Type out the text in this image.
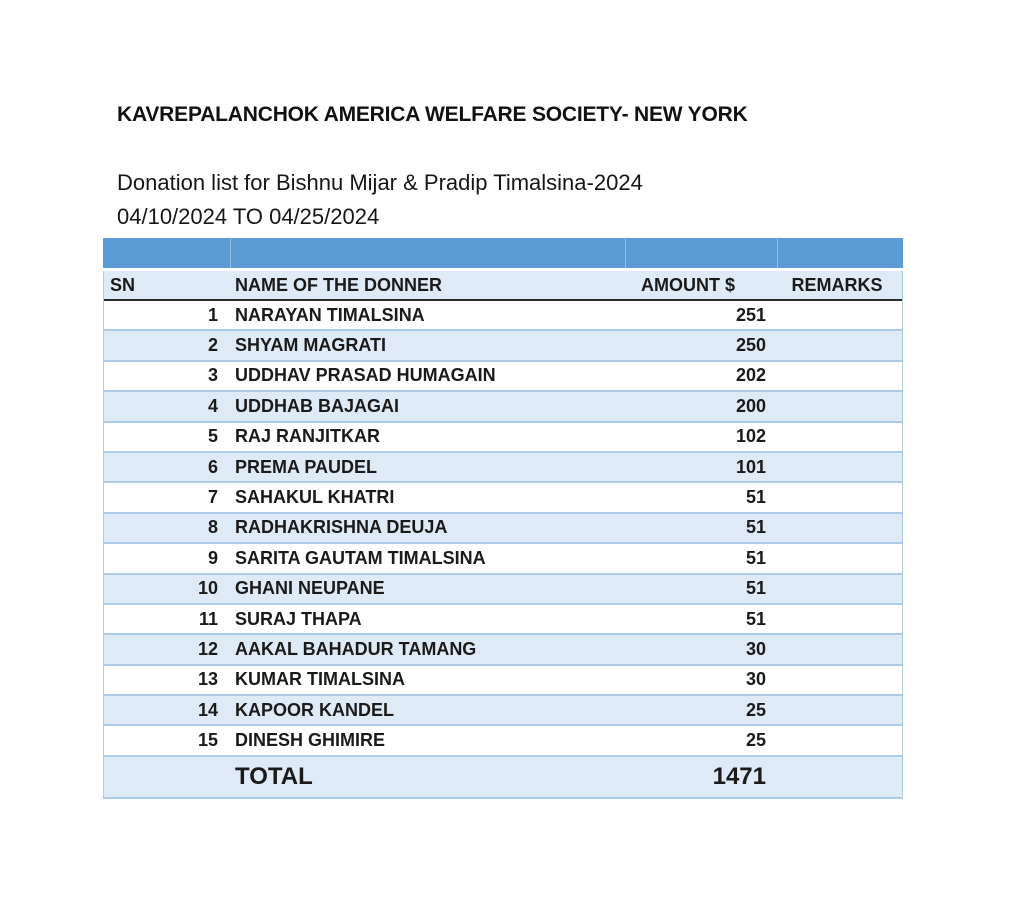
KAVREPALANCHOK AMERICA WELFARE SOCIETY- NEW YORK
Donation list for Bishnu Mijar & Pradip Timalsina-2024
04/10/2024 TO 04/25/2024
SN	NAME OF THE DONNER	AMOUNT $	REMARKS
1 NARAYAN TIMALSINA	251
2 SHYAM MAGRATI	250
3 UDDHAV PRASAD HUMAGAIN	202
4 UDDHAB BAJAGAI	200
5 RAJ RANJITKAR	102
6 PREMA PAUDEL	101
7 SAHAKUL KHATRI	51
8 RADHAKRISHNA DEUJA	51
9 SARITA GAUTAM TIMALSINA	51
10 GHANI NEUPANE	51
11 SURAJ THAPA	51
12 AAKAL BAHADUR TAMANG	30
13 KUMAR TIMALSINA	30
14 KAPOOR KANDEL	25
15 DINESH GHIMIRE	25
TOTAL	1471
